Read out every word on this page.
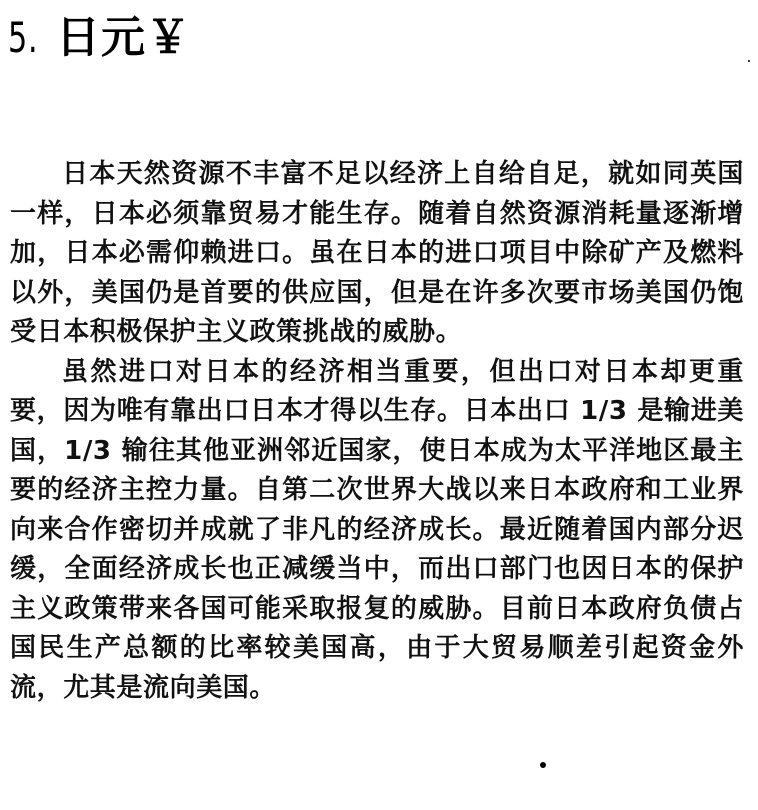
5. 日元￥

日本天然资源不丰富不足以经济上自给自足，就如同英国一样，日本必须靠贸易才能生存。随着自然资源消耗量逐渐增加，日本必需仰赖进口。虽在日本的进口项目中除矿产及燃料以外，美国仍是首要的供应国，但是在许多次要市场美国仍饱受日本积极保护主义政策挑战的威胁。

虽然进口对日本的经济相当重要，但出口对日本却更重要，因为唯有靠出口日本才得以生存。日本出口 1/3 是输进美国，1/3 输往其他亚洲邻近国家，使日本成为太平洋地区最主要的经济主控力量。自第二次世界大战以来日本政府和工业界向来合作密切并成就了非凡的经济成长。最近随着国内部分迟缓，全面经济成长也正减缓当中，而出口部门也因日本的保护主义政策带来各国可能采取报复的威胁。目前日本政府负债占国民生产总额的比率较美国高，由于大贸易顺差引起资金外流，尤其是流向美国。
